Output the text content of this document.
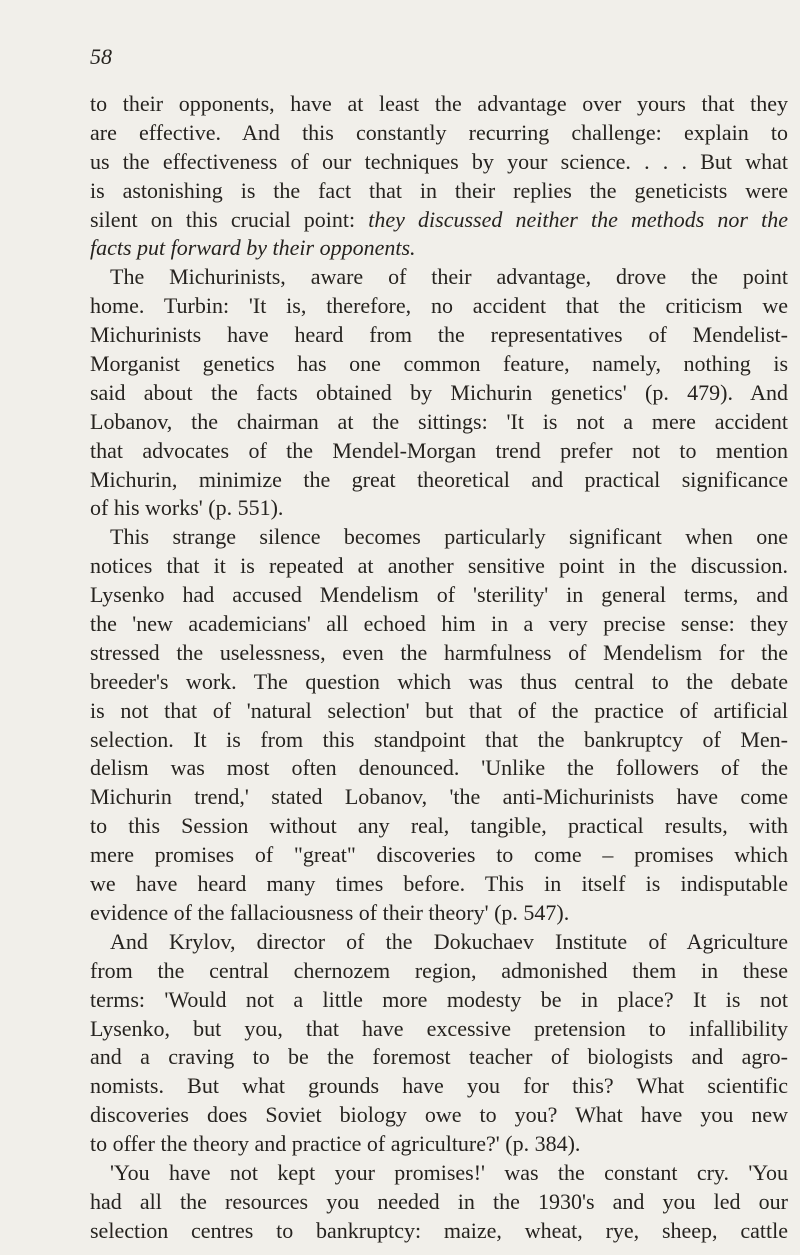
58
to their opponents, have at least the advantage over yours that they
are effective. And this constantly recurring challenge: explain to
us the effectiveness of our techniques by your science. . . . But what
is astonishing is the fact that in their replies the geneticists were
silent on this crucial point: they discussed neither the methods nor the
facts put forward by their opponents.
The Michurinists, aware of their advantage, drove the point
home. Turbin: 'It is, therefore, no accident that the criticism we
Michurinists have heard from the representatives of Mendelist-
Morganist genetics has one common feature, namely, nothing is
said about the facts obtained by Michurin genetics' (p. 479). And
Lobanov, the chairman at the sittings: 'It is not a mere accident
that advocates of the Mendel-Morgan trend prefer not to mention
Michurin, minimize the great theoretical and practical significance
of his works' (p. 551).
This strange silence becomes particularly significant when one
notices that it is repeated at another sensitive point in the discussion.
Lysenko had accused Mendelism of 'sterility' in general terms, and
the 'new academicians' all echoed him in a very precise sense: they
stressed the uselessness, even the harmfulness of Mendelism for the
breeder's work. The question which was thus central to the debate
is not that of 'natural selection' but that of the practice of artificial
selection. It is from this standpoint that the bankruptcy of Men-
delism was most often denounced. 'Unlike the followers of the
Michurin trend,' stated Lobanov, 'the anti-Michurinists have come
to this Session without any real, tangible, practical results, with
mere promises of "great" discoveries to come – promises which
we have heard many times before. This in itself is indisputable
evidence of the fallaciousness of their theory' (p. 547).
And Krylov, director of the Dokuchaev Institute of Agriculture
from the central chernozem region, admonished them in these
terms: 'Would not a little more modesty be in place? It is not
Lysenko, but you, that have excessive pretension to infallibility
and a craving to be the foremost teacher of biologists and agro-
nomists. But what grounds have you for this? What scientific
discoveries does Soviet biology owe to you? What have you new
to offer the theory and practice of agriculture?' (p. 384).
'You have not kept your promises!' was the constant cry. 'You
had all the resources you needed in the 1930's and you led our
selection centres to bankruptcy: maize, wheat, rye, sheep, cattle
